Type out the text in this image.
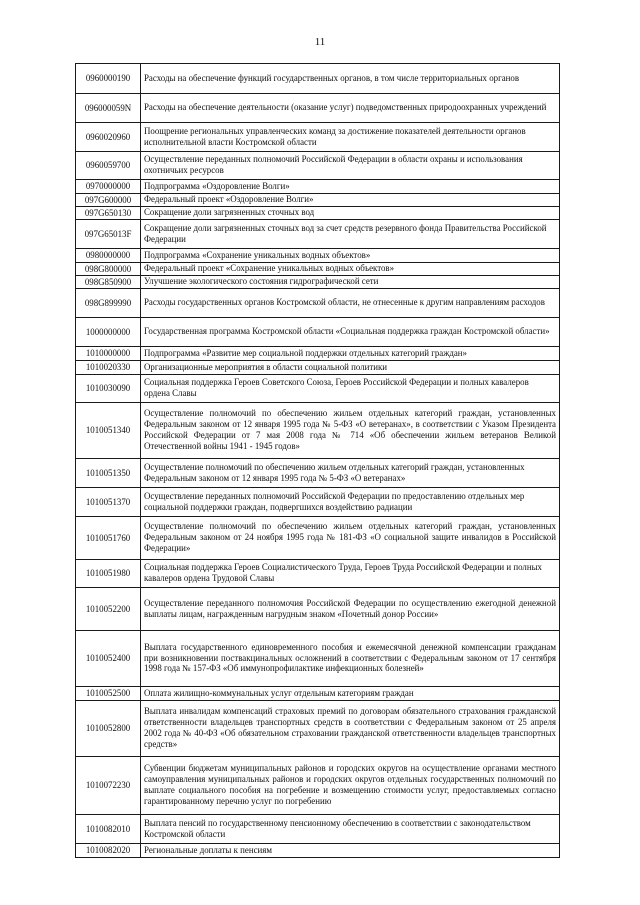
11
0960000190	Расходы на обеспечение функций государственных органов, в том числе территориальных органов
096000059N	Расходы на обеспечение деятельности (оказание услуг) подведомственных природоохранных учреждений
0960020960	Поощрение региональных управленческих команд за достижение показателей деятельности органов исполнительной власти Костромской области
0960059700	Осуществление переданных полномочий Российской Федерации в области охраны и использования охотничьих ресурсов
0970000000	Подпрограмма «Оздоровление Волги»
097G600000	Федеральный проект «Оздоровление Волги»
097G650130	Сокращение доли загрязненных сточных вод
097G65013F	Сокращение доли загрязненных сточных вод за счет средств резервного фонда Правительства Российской Федерации
0980000000	Подпрограмма «Сохранение уникальных водных объектов»
098G800000	Федеральный проект «Сохранение уникальных водных объектов»
098G850900	Улучшение экологического состояния гидрографической сети
098G899990	Расходы государственных органов Костромской области, не отнесенные к другим направлениям расходов
1000000000	Государственная программа Костромской области «Социальная поддержка граждан Костромской области»
1010000000	Подпрограмма «Развитие мер социальной поддержки отдельных категорий граждан»
1010020330	Организационные мероприятия в области социальной политики
1010030090	Социальная поддержка Героев Советского Союза, Героев Российской Федерации и полных кавалеров ордена Славы
1010051340	Осуществление полномочий по обеспечению жильем отдельных категорий граждан, установленных Федеральным законом от 12 января 1995 года № 5-ФЗ «О ветеранах», в соответствии с Указом Президента Российской Федерации от 7 мая 2008 года № 714 «Об обеспечении жильем ветеранов Великой Отечественной войны 1941 - 1945 годов»
1010051350	Осуществление полномочий по обеспечению жильем отдельных категорий граждан, установленных Федеральным законом от 12 января 1995 года № 5-ФЗ «О ветеранах»
1010051370	Осуществление переданных полномочий Российской Федерации по предоставлению отдельных мер социальной поддержки граждан, подвергшихся воздействию радиации
1010051760	Осуществление полномочий по обеспечению жильем отдельных категорий граждан, установленных Федеральным законом от 24 ноября 1995 года № 181-ФЗ «О социальной защите инвалидов в Российской Федерации»
1010051980	Социальная поддержка Героев Социалистического Труда, Героев Труда Российской Федерации и полных кавалеров ордена Трудовой Славы
1010052200	Осуществление переданного полномочия Российской Федерации по осуществлению ежегодной денежной выплаты лицам, награжденным нагрудным знаком «Почетный донор России»
1010052400	Выплата государственного единовременного пособия и ежемесячной денежной компенсации гражданам при возникновении поствакцинальных осложнений в соответствии с Федеральным законом от 17 сентября 1998 года № 157-ФЗ «Об иммунопрофилактике инфекционных болезней»
1010052500	Оплата жилищно-коммунальных услуг отдельным категориям граждан
1010052800	Выплата инвалидам компенсаций страховых премий по договорам обязательного страхования гражданской ответственности владельцев транспортных средств в соответствии с Федеральным законом от 25 апреля 2002 года № 40-ФЗ «Об обязательном страховании гражданской ответственности владельцев транспортных средств»
1010072230	Субвенции бюджетам муниципальных районов и городских округов на осуществление органами местного самоуправления муниципальных районов и городских округов отдельных государственных полномочий по выплате социального пособия на погребение и возмещению стоимости услуг, предоставляемых согласно гарантированному перечню услуг по погребению
1010082010	Выплата пенсий по государственному пенсионному обеспечению в соответствии с законодательством Костромской области
1010082020	Региональные доплаты к пенсиям
